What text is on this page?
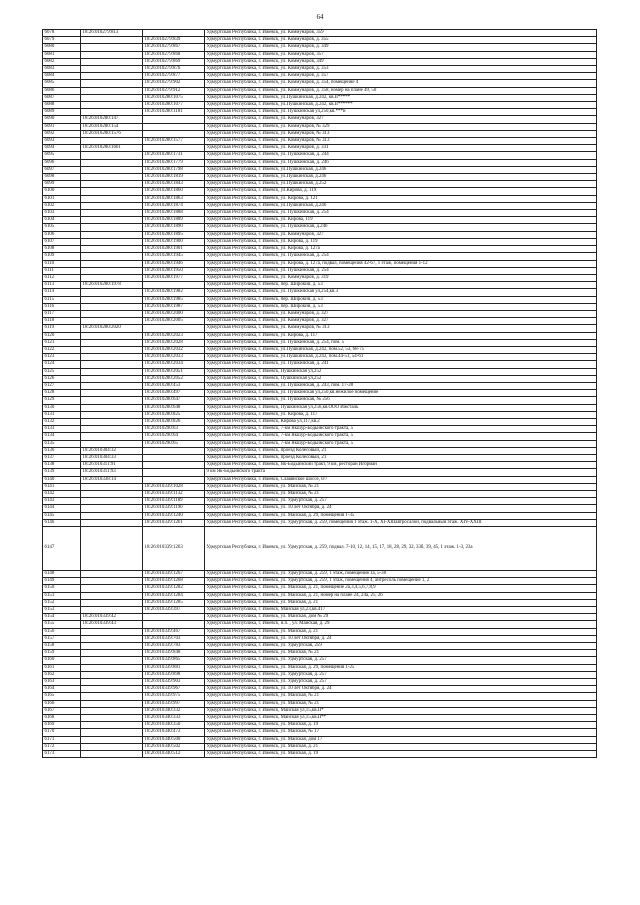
64
6078	18:26:010279:813		Удмуртская Республика, г. Ижевск, ул. Коммунаров, 359
6079		18:26:010279:839	Удмуртская Республика, г. Ижевск, ул. Коммунаров, д. 355
6080		18:26:010279:867	Удмуртская Республика, г. Ижевск, ул. Коммунаров, д. 349
6081		18:26:010279:868	Удмуртская Республика, г. Ижевск, ул. Коммунаров, 357
6082		18:26:010279:869	Удмуртская Республика, г. Ижевск, ул. Коммунаров, 349
6083		18:26:010279:876	Удмуртская Республика, г. Ижевск, ул. Коммунаров, д. 353
6084		18:26:010279:877	Удмуртская Республика, г. Ижевск, ул. Коммунаров, д. 357
6085		18:26:010279:902	Удмуртская Республика, г. Ижевск, ул. Коммунаров, д. 354, помещение 4
6086		18:26:010279:912	Удмуртская Республика, г. Ижевск, ул. Коммунаров, д. 358, номер на плане 49, 50
6087		18:26:010280:1075	Удмуртская Республика, г. Ижевск, ул.Пушкинская, д.242, кв.II*****
6088		18:26:010280:1077	Удмуртская Республика, г. Ижевск, ул.Пушкинская, д.242, кв.II******
6089		18:26:010280:1181	Удмуртская Республика, г. Ижевск, ул. Пушкинская ул,250,кв.***н
6090	18:26:010280:147		Удмуртская Республика, г. Ижевск, ул. Коммунаров, 327
6091	18:26:010280:154		Удмуртская Республика, г. Ижевск, ул. Коммунаров, № 329
6092	18:26:010280:1576		Удмуртская Республика, г. Ижевск, ул. Коммунаров, № 313
6093		18:26:010280:1577	Удмуртская Республика, г. Ижевск, ул. Коммунаров, № 313
6094	18:26:010280:1661		Удмуртская Республика, г. Ижевск, ул. Коммунаров, д. 331
6095		18:26:010280:1731	Удмуртская Республика, г. Ижевск, ул. Пушкинская, д. 244
6096		18:26:010280:1779	Удмуртская Республика, г. Ижевск, ул. Пушкинская, д. 246
6097		18:26:010280:1798	Удмуртская Республика, г. Ижевск, ул.Пушкинская, д.246
6098		18:26:010280:1819	Удмуртская Республика, г. Ижевск, ул.Пушкинская, д.246
6099		18:26:010280:1843	Удмуртская Республика, г. Ижевск, ул.Пушкинская, д.252
6100		18:26:010280:1860	Удмуртская Республика, г. Ижевск, ул.Кирова, д. 119
6101		18:26:010280:1863	Удмуртская Республика, г. Ижевск, ул. Кирова, д. 121
6102		18:26:010280:1874	Удмуртская Республика, г. Ижевск, ул.Пушкинская, д.246
6103		18:26:010280:1888	Удмуртская Республика, г. Ижевск, ул. Пушкинская, д. 254
6104		18:26:010280:1889	Удмуртская Республика, г. Ижевск, ул. Кирова, 119
6105		18:26:010280:1890	Удмуртская Республика, г. Ижевск, ул. Пушкинская, д.246
6106		18:26:010280:1895	Удмуртская Республика, г. Ижевск, ул. Коммунаров, 327
6107		18:26:010280:1900	Удмуртская Республика, г. Ижевск, ул. Кирова, д. 119
6108		18:26:010280:1901	Удмуртская Республика, г. Ижевск, ул. Кирова, д. 127а
6109		18:26:010280:1945	Удмуртская Республика, г. Ижевск, ул. Пушкинская, д. 254
6110		18:26:010280:1946	Удмуртская Республика, г. Ижевск, ул. Кирова, д. 127а, подвал, помещения 42-67, 1 этаж, помещения 1-12
6111		18:26:010280:1950	Удмуртская Республика, г. Ижевск, ул. Пушкинская, д. 254
6112		18:26:010280:1977	Удмуртская Республика, г. Ижевск, ул. Коммунаров, д. 319
6113	18:26:010280:1978		Удмуртская Республика, г. Ижевск, пер. Широкий, д. 53
6114		18:26:010280:1982	Удмуртская Республика, г. Ижевск, ул. Пушкинская ул,254,кв.3
6115		18:26:010280:1985	Удмуртская Республика, г. Ижевск, пер. Широкий, д. 53
6116		18:26:010280:1987	Удмуртская Республика, г. Ижевск, пер. Широкий, д. 53
6117		18:26:010280:2000	Удмуртская Республика, г. Ижевск, ул. Коммунаров, д. 327
6118		18:26:010280:2005	Удмуртская Республика, г. Ижевск, ул. Коммунаров, д. 327
6119	18:26:010280:2020		Удмуртская Республика, г. Ижевск, ул. Коммунаров, № 313
6120		18:26:010280:2023	Удмуртская Республика, г. Ижевск, ул. Кирова, д. 117
6121		18:26:010280:2028	Удмуртская Республика, г. Ижевск, ул. Пушкинская, д. 254, пом. 5
6122		18:26:010280:2032	Удмуртская Республика, г. Ижевск, ул.Пушкинская, д.242, пом.52, 53, 68-75
6123		18:26:010280:2033	Удмуртская Республика, г. Ижевск, ул.Пушкинская, д.242, пом.44-51, 54-61
6124		18:26:010280:2034	Удмуртская Республика, г. Ижевск, ул. Пушкинская, д. 241
6125		18:26:010280:2051	Удмуртская Республика, г. Ижевск, Пушкинская ул,252
6126		18:26:010280:2052	Удмуртская Республика, г. Ижевск, Пушкинская ул,252
6127		18:26:010280:453	Удмуртская Республика, г. Ижевск, ул. Пушкинская, д. 243, пом. 17-28
6128		18:26:010280:497	Удмуртская Республика, г. Ижевск, ул. Пушкинская ул,250,кв.нежилое помещение
6129		18:26:010280:647	Удмуртская Республика, г. Ижевск, ул. Пушкинская, № 256
6130		18:26:010280:648	Удмуртская Республика, г. Ижевск, Пушкинская ул,256,кв.ООО Ижсталь
6131		18:26:010280:825	Удмуртская Республика, г. Ижевск, ул. Кирова, д. 117
6132		18:26:010280:826	Удмуртская Республика, г. Ижевск, Кирова ул,117,кв.2
6133		18:26:010290:63	Удмуртская Республика, г. Ижевск, 7-км Якшур-Бодьинского тракта, 5
6134		18:26:010290:64	Удмуртская Республика, г. Ижевск, 7-км Якшур-Бодьинского тракта, 5
6135		18:26:010290:65	Удмуртская Республика, г. Ижевск, 7-км Якшур-Бодьинского тракта, 5
6136	18:26:010304:32		Удмуртская Республика, г. Ижевск, проезд Колесовый, 21
6137	18:26:010304:33		Удмуртская Республика, г. Ижевск, проезд Колесовый, 21
6138	18:26:010311:91		Удмуртская Республика, г. Ижевск, Як-Бодьинский тракт, 9 км, ресторан Игорман
6139	18:26:010311:93		9 км Як-Бодьинского тракта
6140	18:26:010338:14		Удмуртская Республика, г. Ижевск, Славянское шоссе, 0/7
6141		18:26:010339:1028	Удмуртская Республика, г. Ижевск, ул. Майская, № 21
6142		18:26:010339:1132	Удмуртская Республика, г. Ижевск, ул. Майская, № 21
6143		18:26:010339:1189	Удмуртская Республика, г. Ижевск, ул. Удмуртская, д. 257
6144		18:26:010339:1190	Удмуртская Республика, г. Ижевск, ул. 10 лет Октября, д. 24
6145		18:26:010339:1240	Удмуртская Республика, г. Ижевск, ул. Майская, д. 29, помещения 1-35
6146		18:26:010339:1261	Удмуртская Республика, г. Ижевск, ул. Удмуртская, д. 259, помещения 1 этаж. 1-Х, XI-XIIIавтросалон, подвальный этаж. XIV-XXIII
6147		18:26:010339:1263	Удмуртская Республика, г. Ижевск, ул. Удмуртская, д. 259, подвал. 7-10, 12, 14, 15, 17, 18, 28, 29, 32, 33б, 39, 45, 1 этаж. 1-3, 23а
6148		18:26:010339:1267	Удмуртская Республика, г. Ижевск, ул. Удмуртская, д. 259, 1 этаж, помещения 1а, 5-38
6149		18:26:010339:1268	Удмуртская Республика, г. Ижевск, ул. Удмуртская, д. 259, 1 этаж, помещения 4, антресоль помещение 1, 2
6150		18:26:010339:1282	Удмуртская Республика, г. Ижевск, ул. Майская, д. 21, помещение 2а,3,4,5,6,7,8,9
6151		18:26:010339:1284	Удмуртская Республика, г. Ижевск, ул. Майская, д. 21, номер на плане 24, 24а, 25, 26
6152		18:26:010339:1285	Удмуртская Республика, г. Ижевск, ул. Майская, д. 21
6153		18:26:010339:397	Удмуртская Республика, г. Ижевск, Майская ул,23,кв.417
6154	18:26:010339:42		Удмуртская Республика, г. Ижевск, ул. Майская, дом № 29
6155	18:26:010339:43		Удмуртская Республика, г. Ижевск, н.п. , ул. Майская, д. 29
6156		18:26:010339:467	Удмуртская Республика, г. Ижевск, ул. Майская, д. 21
6157		18:26:010339:703	Удмуртская Республика, г. Ижевск, ул. 10 лет Октября, д. 24
6158		18:26:010339:783	Удмуртская Республика, г. Ижевск, ул. Удмуртская, 259
6159		18:26:010339:848	Удмуртская Республика, г. Ижевск, ул. Майская, № 21
6160		18:26:010339:865	Удмуртская Республика, г. Ижевск, ул. Удмуртская, д. 257
6161		18:26:010339:881	Удмуртская Республика, г. Ижевск, ул. Майская, д. 29, помещения 1-25
6162		18:26:010339:898	Удмуртская Республика, г. Ижевск, ул. Удмуртская, д. 257
6163		18:26:010339:903	Удмуртская Республика, г. Ижевск, ул. Удмуртская, д. 257
6164		18:26:010339:967	Удмуртская Республика, г. Ижевск, ул. 10 лет Октября, д. 24
6165		18:26:010339:975	Удмуртская Республика, г. Ижевск, ул. Майская, № 21
6166		18:26:010339:997	Удмуртская Республика, г. Ижевск, ул. Майская, № 21
6167		18:26:010340:332	Удмуртская Республика, г. Ижевск, Майская ул,15,кв.II*
6168		18:26:010340:333	Удмуртская Республика, г. Ижевск, Майская ул,15,кв.II**
6169		18:26:010340:350	Удмуртская Республика, г. Ижевск, ул. Майская, д. 19
6170		18:26:010340:473	Удмуртская Республика, г. Ижевск, ул. Майская, № 17
6171		18:26:010340:500	Удмуртская Республика, г. Ижевск, ул. Майская, дом 17
6172		18:26:010340:502	Удмуртская Республика, г. Ижевск, ул. Майская, д. 21
6173		18:26:010340:512	Удмуртская Республика, г. Ижевск, ул. Майская, д. 19
